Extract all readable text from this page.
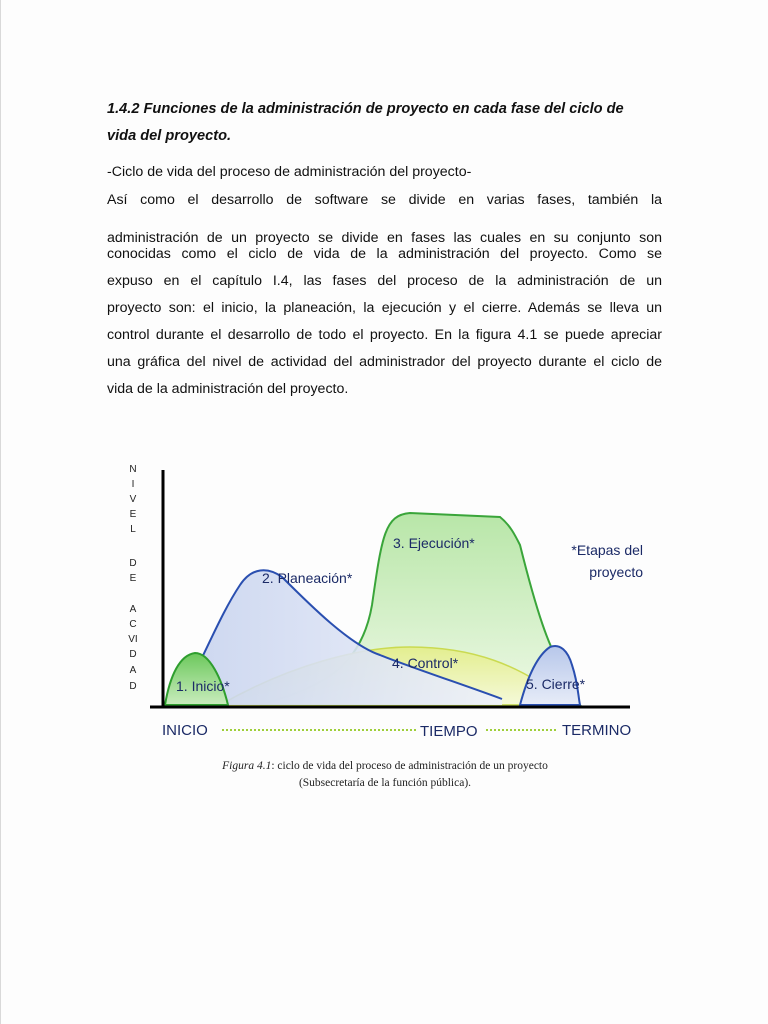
1.4.2 Funciones de la administración de proyecto en cada fase del ciclo de
vida del proyecto.
-Ciclo de vida del proceso de administración del proyecto-
Así como el desarrollo de software se divide en varias fases, también la
administración de un proyecto se divide en fases las cuales en su conjunto son
conocidas como el ciclo de vida de la administración del proyecto. Como se
expuso en el capítulo I.4, las fases del proceso de la administración de un
proyecto son: el inicio, la planeación, la ejecución y el cierre. Además se lleva un
control durante el desarrollo de todo el proyecto. En la figura 4.1 se puede apreciar
una gráfica del nivel de actividad del administrador del proyecto durante el ciclo de
vida de la administración del proyecto.
N
I
V
E
L
D
E
A
C
VI
D
A
D	1. Inicio*
2. Planeación*
3. Ejecución*
4. Control*
5. Cierre*
*Etapas del
proyecto
INICIO	TIEMPO	TERMINO
Figura 4.1: ciclo de vida del proceso de administración de un proyecto
(Subsecretaría de la función pública).
